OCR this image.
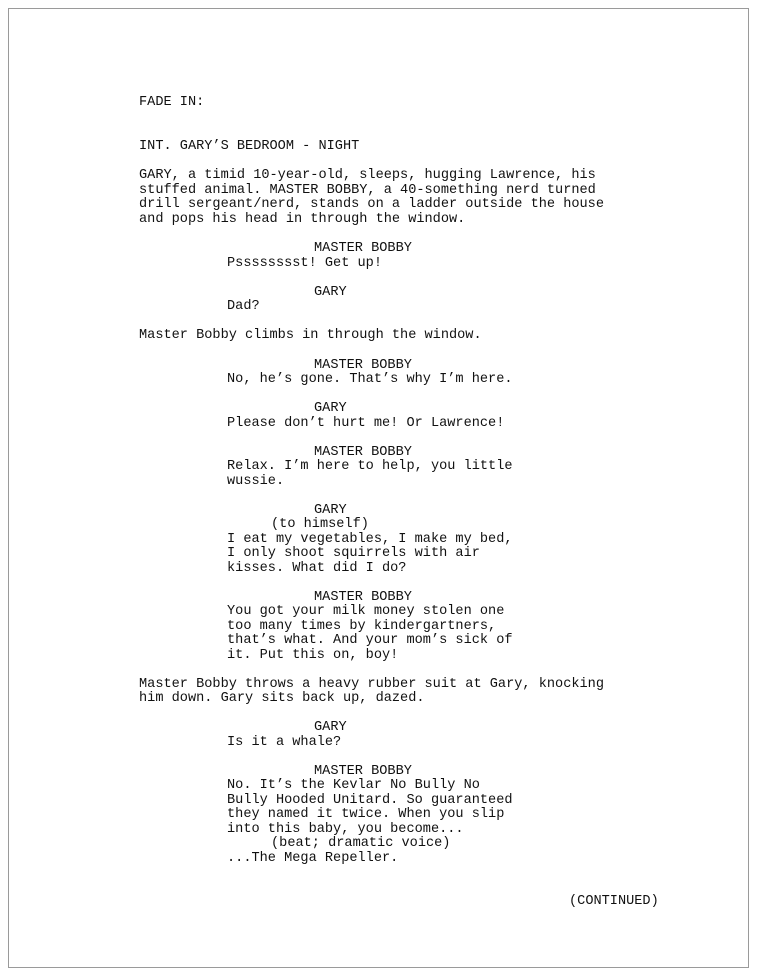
FADE IN:

INT. GARY’S BEDROOM - NIGHT

GARY, a timid 10-year-old, sleeps, hugging Lawrence, his

stuffed animal. MASTER BOBBY, a 40-something nerd turned

drill sergeant/nerd, stands on a ladder outside the house

and pops his head in through the window.

MASTER BOBBY

Psssssssst! Get up!

GARY

Dad?

Master Bobby climbs in through the window.

MASTER BOBBY

No, he’s gone. That’s why I’m here.

GARY

Please don’t hurt me! Or Lawrence!

MASTER BOBBY

Relax. I’m here to help, you little

wussie.

GARY

(to himself)

I eat my vegetables, I make my bed,

I only shoot squirrels with air

kisses. What did I do?

MASTER BOBBY

You got your milk money stolen one

too many times by kindergartners,

that’s what. And your mom’s sick of

it. Put this on, boy!

Master Bobby throws a heavy rubber suit at Gary, knocking

him down. Gary sits back up, dazed.

GARY

Is it a whale?

MASTER BOBBY

No. It’s the Kevlar No Bully No

Bully Hooded Unitard. So guaranteed

they named it twice. When you slip

into this baby, you become...

(beat; dramatic voice)

...The Mega Repeller.

(CONTINUED)
